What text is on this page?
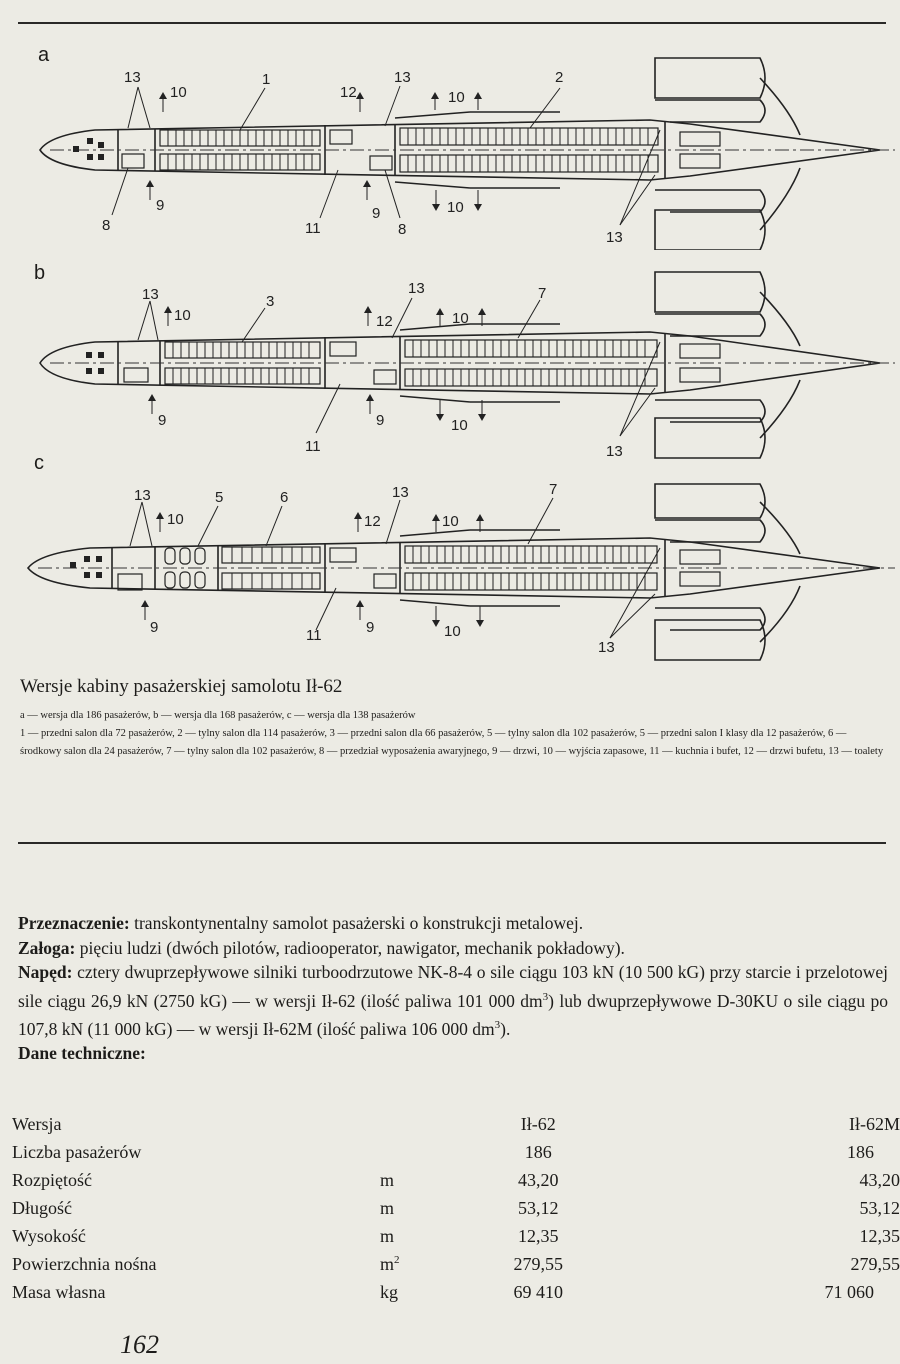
a
b
c
13
10
1
12
13
10
2
8
9
11
9
8
10
13
13
10
3
13
12	10
7
9
11
9	10
13
13
10
5	6	13
12	10
7
9	11	9	10
13
Wersje kabiny pasażerskiej samolotu Ił-62

a — wersja dla 186 pasażerów, b — wersja dla 168 pasażerów, c — wersja dla 138 pasażerów

1 — przedni salon dla 72 pasażerów, 2 — tylny salon dla 114 pasażerów, 3 — przedni salon dla 66 pasażerów, 5 — tylny salon dla 102 pasażerów, 5 — przedni salon I klasy dla 12 pasażerów, 6 — środkowy salon dla 24 pasażerów, 7 — tylny salon dla 102 pasażerów, 8 — przedział wyposażenia awaryjnego, 9 — drzwi, 10 — wyjścia zapasowe, 11 — kuchnia i bufet, 12 — drzwi bufetu, 13 — toalety

Przeznaczenie: transkontynentalny samolot pasażerski o konstrukcji metalowej.

Załoga: pięciu ludzi (dwóch pilotów, radiooperator, nawigator, mechanik pokładowy).

Napęd: cztery dwuprzepływowe silniki turboodrzutowe NK-8-4 o sile ciągu 103 kN (10 500 kG) przy starcie i przelotowej sile ciągu 26,9 kN (2750 kG) — w wersji Ił-62 (ilość paliwa 101 000 $dm^3$) lub dwuprzepływowe D-30KU o sile ciągu po 107,8 kN (11 000 kG) — w wersji Ił-62M (ilość paliwa 106 000 $dm^3$).

Dane techniczne:

Wersja		Ił-62	Ił-62M
Liczba pasażerów		186	186
Rozpiętość	m	43,20	43,20
Długość	m	53,12	53,12
Wysokość	m	12,35	12,35
Powierzchnia nośna	$m^2$	279,55	279,55
Masa własna	kg	69 410	71 060
162
